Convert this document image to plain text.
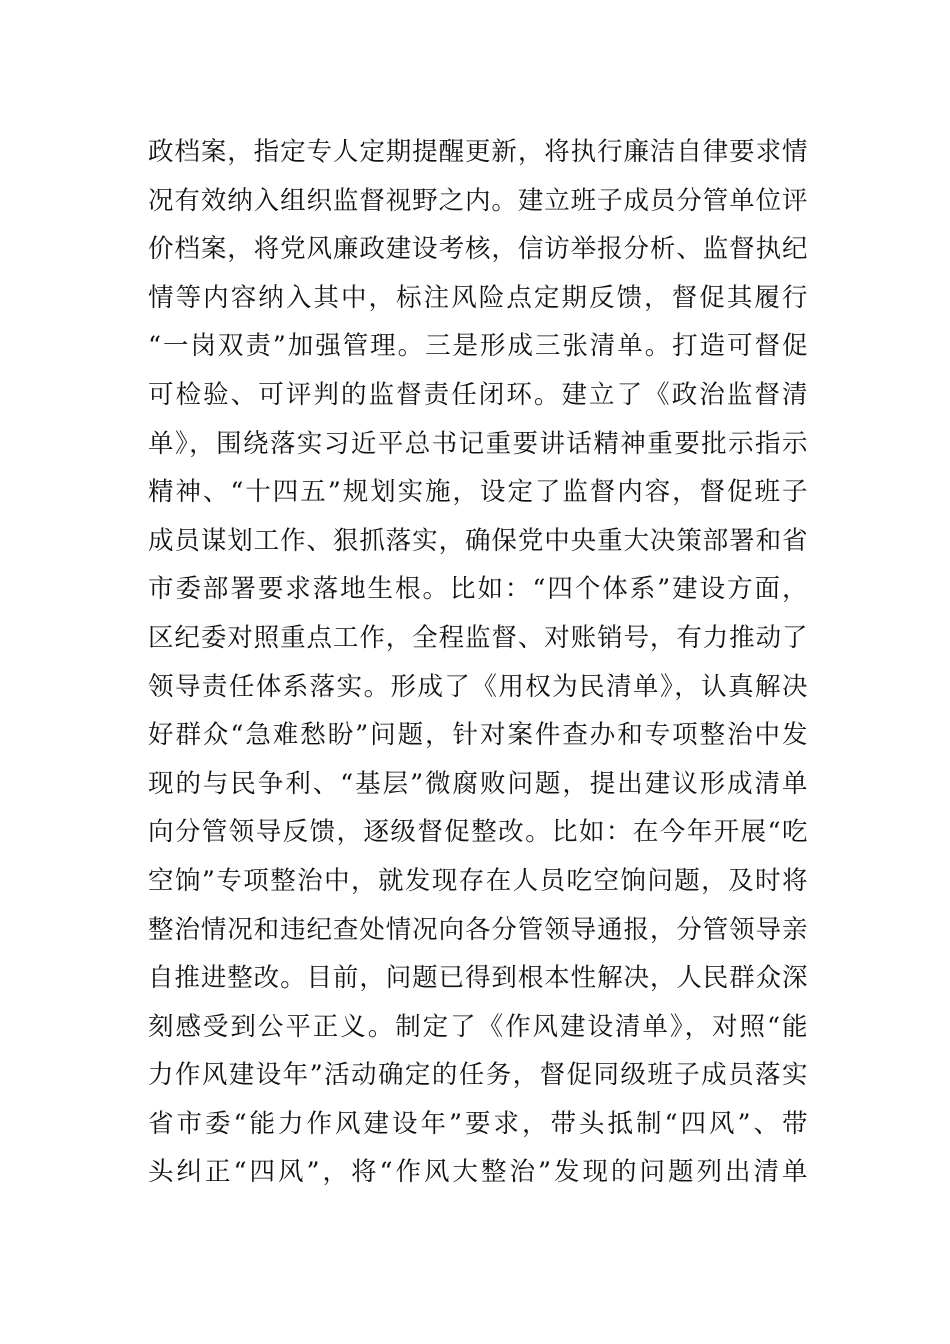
政档案，指定专人定期提醒更新，将执行廉洁自律要求情
况有效纳入组织监督视野之内。建立班子成员分管单位评
价档案，将党风廉政建设考核，信访举报分析、监督执纪
情等内容纳入其中，标注风险点定期反馈，督促其履行
“一岗双责”加强管理。三是形成三张清单。打造可督促
可检验、可评判的监督责任闭环。建立了《政治监督清
单》，围绕落实习近平总书记重要讲话精神重要批示指示
精神、“十四五”规划实施，设定了监督内容，督促班子
成员谋划工作、狠抓落实，确保党中央重大决策部署和省
市委部署要求落地生根。比如：“四个体系”建设方面，
区纪委对照重点工作，全程监督、对账销号，有力推动了
领导责任体系落实。形成了《用权为民清单》，认真解决
好群众“急难愁盼”问题，针对案件查办和专项整治中发
现的与民争利、“基层”微腐败问题，提出建议形成清单
向分管领导反馈，逐级督促整改。比如：在今年开展“吃
空饷”专项整治中，就发现存在人员吃空饷问题，及时将
整治情况和违纪查处情况向各分管领导通报，分管领导亲
自推进整改。目前，问题已得到根本性解决，人民群众深
刻感受到公平正义。制定了《作风建设清单》，对照“能
力作风建设年”活动确定的任务，督促同级班子成员落实
省市委“能力作风建设年”要求，带头抵制“四风”、带
头纠正“四风”，将“作风大整治”发现的问题列出清单
